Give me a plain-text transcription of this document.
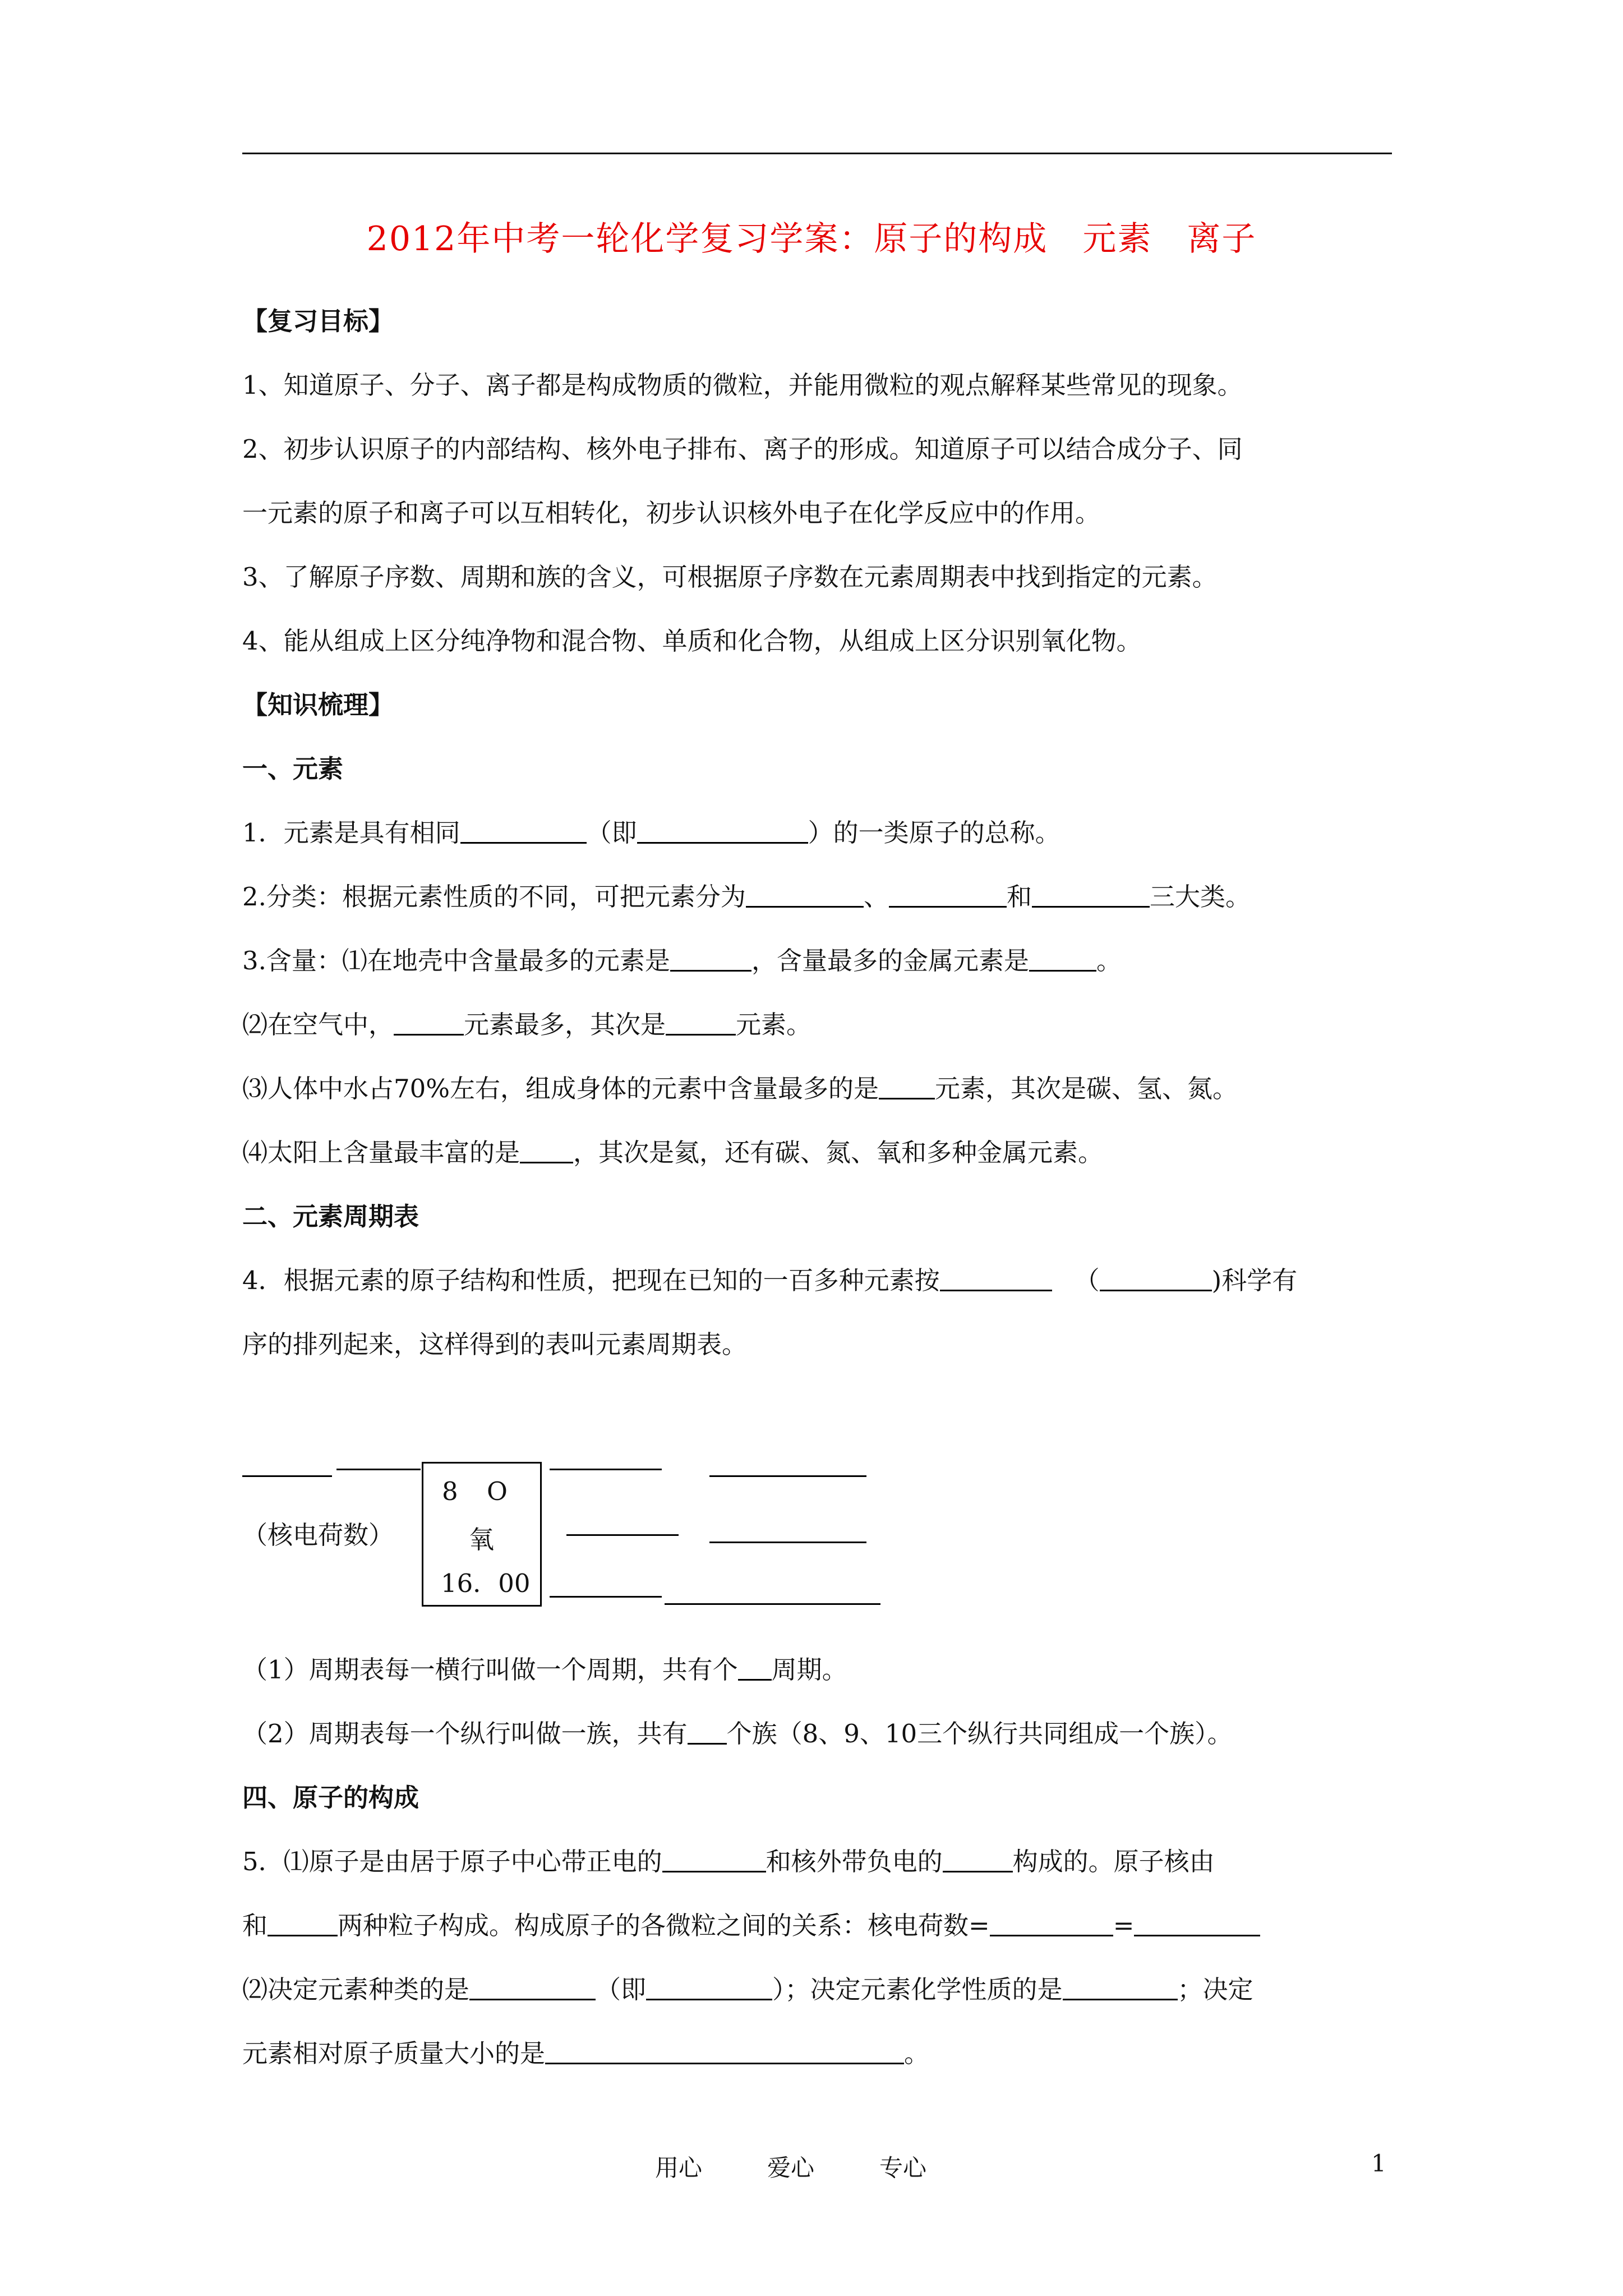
2012年中考一轮化学复习学案：原子的构成　元素　离子
【复习目标】
1、知道原子、分子、离子都是构成物质的微粒，并能用微粒的观点解释某些常见的现象。
2、初步认识原子的内部结构、核外电子排布、离子的形成。知道原子可以结合成分子、同
一元素的原子和离子可以互相转化，初步认识核外电子在化学反应中的作用。
3、了解原子序数、周期和族的含义，可根据原子序数在元素周期表中找到指定的元素。
4、能从组成上区分纯净物和混合物、单质和化合物，从组成上区分识别氧化物。
【知识梳理】
一、元素
1．元素是具有相同	（即	）的一类原子的总称。
2.分类：根据元素性质的不同，可把元素分为	、	和	三大类。
3.含量：⑴在地壳中含量最多的元素是	，含量最多的金属元素是	。
⑵在空气中，	元素最多，其次是	元素。
⑶人体中水占70%左右，组成身体的元素中含量最多的是 元素，其次是碳、氢、氮。
⑷太阳上含量最丰富的是 ，其次是氦，还有碳、氮、氧和多种金属元素。
二、元素周期表
4．根据元素的原子结构和性质，把现在已知的一百多种元素按	（	)科学有
序的排列起来，这样得到的表叫元素周期表。
（核电荷数）
8 O
氧
16．00
（1）周期表每一横行叫做一个周期，共有个 周期。
（2）周期表每一个纵行叫做一族，共有 个族（8、9、10三个纵行共同组成一个族）。
四、原子的构成
5．⑴原子是由居于原子中心带正电的	和核外带负电的	构成的。原子核由
和	两种粒子构成。构成原子的各微粒之间的关系：核电荷数=	=
⑵决定元素种类的是	（即	）；决定元素化学性质的是	；决定
元素相对原子质量大小的是	。
用心	爱心	专心	1
